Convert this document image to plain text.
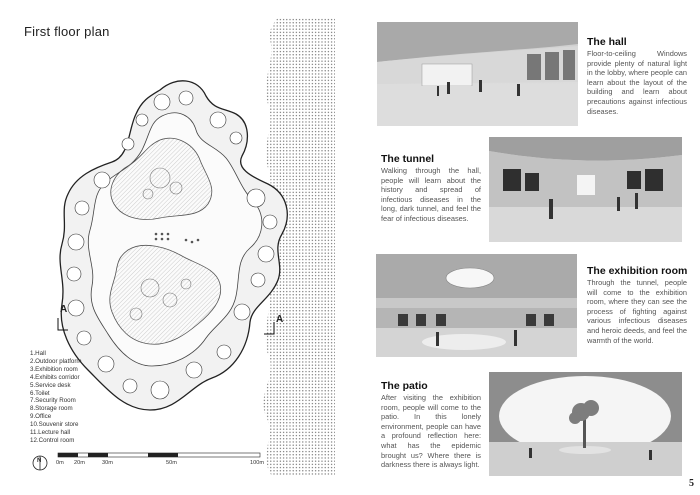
First floor plan
1.Hall
2.Outdoor platform
3.Exhibition room
4.Exhibits corridor
5.Service desk
6.Toilet
7.Security Room
8.Storage room
9.Office
10.Souvenir store
11.Lecture hall
12.Control room
A
A
N	0m 20m	30m	50m	100m
The hall
Floor-to-ceiling Windows provide plenty of natural light in the lobby, where people can learn about the layout of the building and learn about precautions against infectious diseases.
The tunnel
Walking through the hall, people will learn about the history and spread of infectious diseases in the long, dark tunnel, and feel the fear of infectious diseases.
The exhibition room
Through the tunnel, people will come to the exhibition room, where they can see the process of fighting against various infectious diseases and heroic deeds, and feel the warmth of the world.
The patio
After visiting the exhibition room, people will come to the patio. In this lonely environment, people can have a profound reflection here: what has the epidemic brought us? Where there is darkness there is always light.
5
